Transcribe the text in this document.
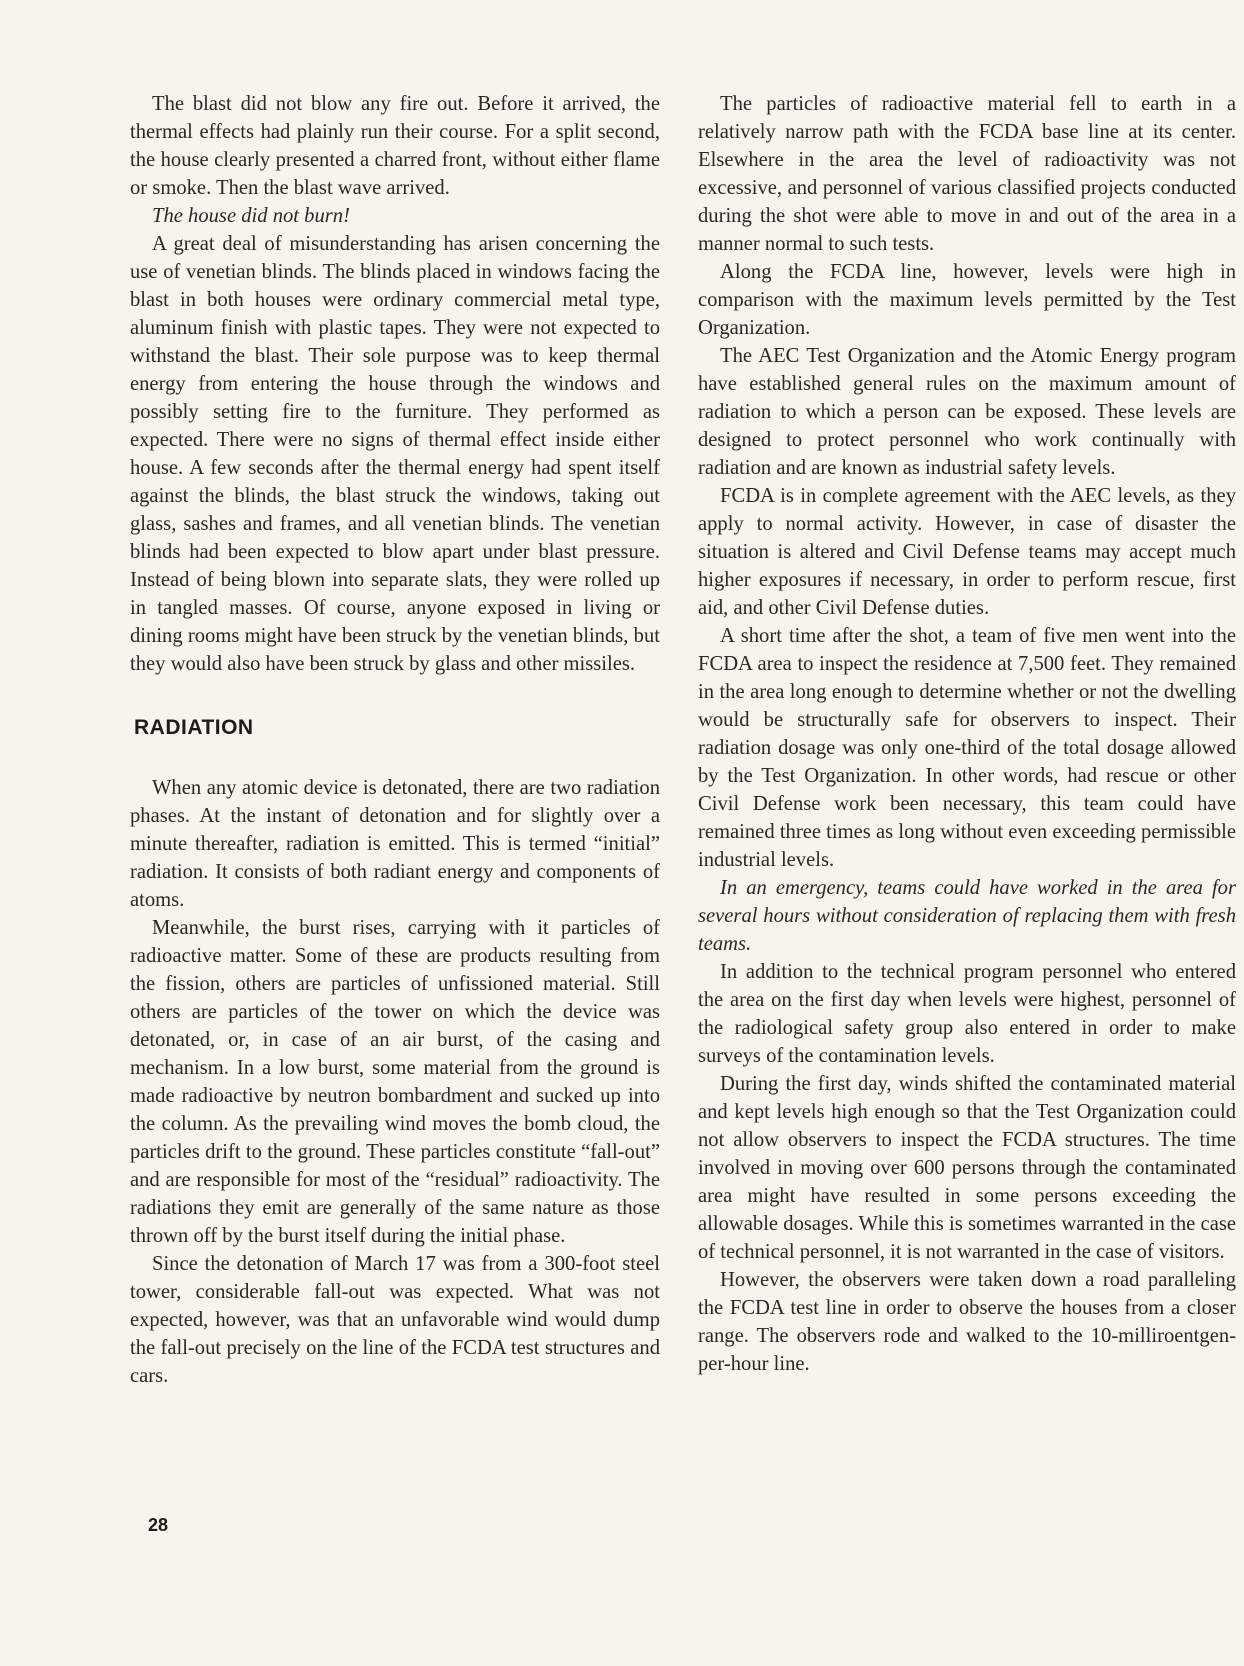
The blast did not blow any fire out. Before it arrived, the thermal effects had plainly run their course. For a split second, the house clearly presented a charred front, without either flame or smoke. Then the blast wave arrived.

The house did not burn!

A great deal of misunderstanding has arisen concerning the use of venetian blinds. The blinds placed in windows facing the blast in both houses were ordinary commercial metal type, aluminum finish with plastic tapes. They were not expected to withstand the blast. Their sole purpose was to keep thermal energy from entering the house through the windows and possibly setting fire to the furniture. They performed as expected. There were no signs of thermal effect inside either house. A few seconds after the thermal energy had spent itself against the blinds, the blast struck the windows, taking out glass, sashes and frames, and all venetian blinds. The venetian blinds had been expected to blow apart under blast pressure. Instead of being blown into separate slats, they were rolled up in tangled masses. Of course, anyone exposed in living or dining rooms might have been struck by the venetian blinds, but they would also have been struck by glass and other missiles.

RADIATION

When any atomic device is detonated, there are two radiation phases. At the instant of detonation and for slightly over a minute thereafter, radiation is emitted. This is termed “initial” radiation. It consists of both radiant energy and components of atoms.

Meanwhile, the burst rises, carrying with it particles of radioactive matter. Some of these are products resulting from the fission, others are particles of unfissioned material. Still others are particles of the tower on which the device was detonated, or, in case of an air burst, of the casing and mechanism. In a low burst, some material from the ground is made radioactive by neutron bombardment and sucked up into the column. As the prevailing wind moves the bomb cloud, the particles drift to the ground. These particles constitute “fall-out” and are responsible for most of the “residual” radioactivity. The radiations they emit are generally of the same nature as those thrown off by the burst itself during the initial phase.

Since the detonation of March 17 was from a 300-foot steel tower, considerable fall-out was expected. What was not expected, however, was that an unfavorable wind would dump the fall-out precisely on the line of the FCDA test structures and cars.

The particles of radioactive material fell to earth in a relatively narrow path with the FCDA base line at its center. Elsewhere in the area the level of radioactivity was not excessive, and personnel of various classified projects conducted during the shot were able to move in and out of the area in a manner normal to such tests.

Along the FCDA line, however, levels were high in comparison with the maximum levels permitted by the Test Organization.

The AEC Test Organization and the Atomic Energy program have established general rules on the maximum amount of radiation to which a person can be exposed. These levels are designed to protect personnel who work continually with radiation and are known as industrial safety levels.

FCDA is in complete agreement with the AEC levels, as they apply to normal activity. However, in case of disaster the situation is altered and Civil Defense teams may accept much higher exposures if necessary, in order to perform rescue, first aid, and other Civil Defense duties.

A short time after the shot, a team of five men went into the FCDA area to inspect the residence at 7,500 feet. They remained in the area long enough to determine whether or not the dwelling would be structurally safe for observers to inspect. Their radiation dosage was only one-third of the total dosage allowed by the Test Organization. In other words, had rescue or other Civil Defense work been necessary, this team could have remained three times as long without even exceeding permissible industrial levels.

In an emergency, teams could have worked in the area for several hours without consideration of replacing them with fresh teams.

In addition to the technical program personnel who entered the area on the first day when levels were highest, personnel of the radiological safety group also entered in order to make surveys of the contamination levels.

During the first day, winds shifted the contaminated material and kept levels high enough so that the Test Organization could not allow observers to inspect the FCDA structures. The time involved in moving over 600 persons through the contaminated area might have resulted in some persons exceeding the allowable dosages. While this is sometimes warranted in the case of technical personnel, it is not warranted in the case of visitors.

However, the observers were taken down a road paralleling the FCDA test line in order to observe the houses from a closer range. The observers rode and walked to the 10-milliroentgen-per-hour line.

28
